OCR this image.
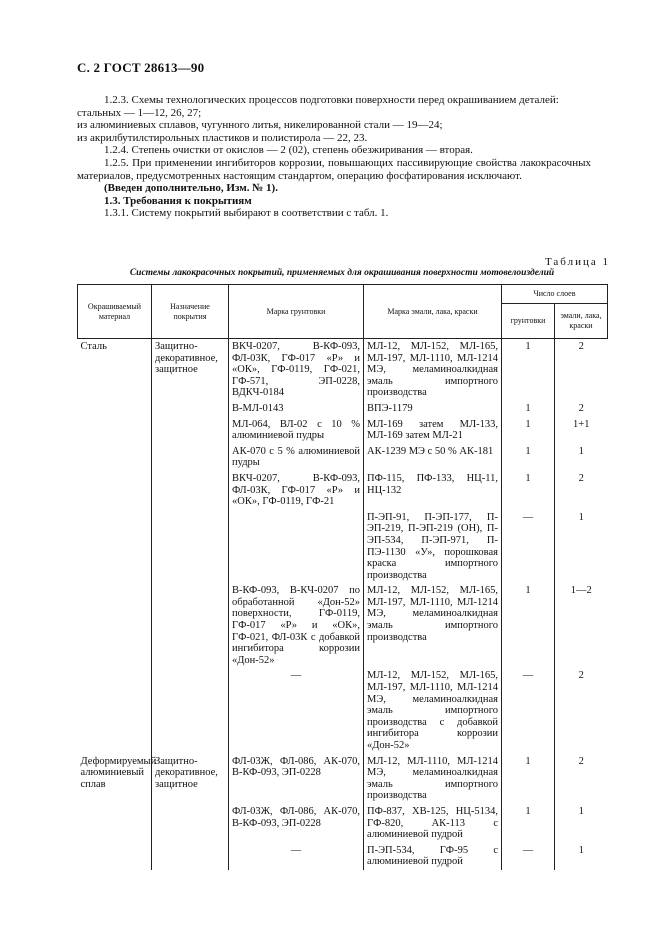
С. 2 ГОСТ 28613—90

1.2.3. Схемы технологических процессов подготовки поверхности перед окрашиванием деталей:

стальных — 1—12, 26, 27;

из алюминиевых сплавов, чугунного литья, никелированной стали — 19—24;

из акрилбутилстирольных пластиков и полистирола — 22, 23.

1.2.4. Степень очистки от окислов — 2 (02), степень обезжиривания — вторая.

1.2.5. При применении ингибиторов коррозии, повышающих пассивирующие свойства лакокрасочных материалов, предусмотренных настоящим стандартом, операцию фосфатирования исключают.

(Введен дополнительно, Изм. № 1).

1.3. Требования к покрытиям

1.3.1. Систему покрытий выбирают в соответствии с табл. 1.

Таблица 1
Системы лакокрасочных покрытий, применяемых для окрашивания поверхности мотовелоизделий
Окрашиваемый материал	Назначение покрытия	Марка грунтовки	Марка эмали, лака, краски	Число слоев	
				грунтовки	эмали, лака, краски
Сталь	Защитно-декоративное, защитное	ВКЧ-0207, В-КФ-093, ФЛ-03К, ГФ-017 «Р» и «ОК», ГФ-0119, ГФ-021, ГФ-571, ЭП-0228, ВДКЧ-0184	МЛ-12, МЛ-152, МЛ-165, МЛ-197, МЛ-1110, МЛ-1214 МЭ, меламиноалкидная эмаль импортного производства	1	2
		В-МЛ-0143	ВПЭ-1179	1	2
		МЛ-064, ВЛ-02 с 10 % алюминиевой пудры	МЛ-169 затем МЛ-133, МЛ-169 затем МЛ-21	1	1+1
		АК-070 с 5 % алюминиевой пудры	АК-1239 МЭ с 50 % АК-181	1	1
		ВКЧ-0207, В-КФ-093, ФЛ-03К, ГФ-017 «Р» и «ОК», ГФ-0119, ГФ-21	ПФ-115, ПФ-133, НЦ-11, НЦ-132	1	2
			П-ЭП-91, П-ЭП-177, П-ЭП-219, П-ЭП-219 (ОН), П-ЭП-534, П-ЭП-971, П-ПЭ-1130 «У», порошковая краска импортного производства	—	1
		В-КФ-093, В-КЧ-0207 по обработанной «Дон-52» поверхности, ГФ-0119, ГФ-017 «Р» и «ОК», ГФ-021, ФЛ-03К с добавкой ингибитора коррозии «Дон-52»	МЛ-12, МЛ-152, МЛ-165, МЛ-197, МЛ-1110, МЛ-1214 МЭ, меламиноалкидная эмаль импортного производства	1	1—2
		—	МЛ-12, МЛ-152, МЛ-165, МЛ-197, МЛ-1110, МЛ-1214 МЭ, меламиноалкидная эмаль импортного производства с добавкой ингибитора коррозии «Дон-52»	—	2
Деформируемый алюминиевый сплав	Защитно-декоративное, защитное	ФЛ-03Ж, ФЛ-086, АК-070, В-КФ-093, ЭП-0228	МЛ-12, МЛ-1110, МЛ-1214 МЭ, меламиноалкидная эмаль импортного производства	1	2
		ФЛ-03Ж, ФЛ-086, АК-070, В-КФ-093, ЭП-0228	ПФ-837, ХВ-125, НЦ-5134, ГФ-820, АК-113 с алюминиевой пудрой	1	1
		—	П-ЭП-534, ГФ-95 с алюминиевой пудрой	—	1
